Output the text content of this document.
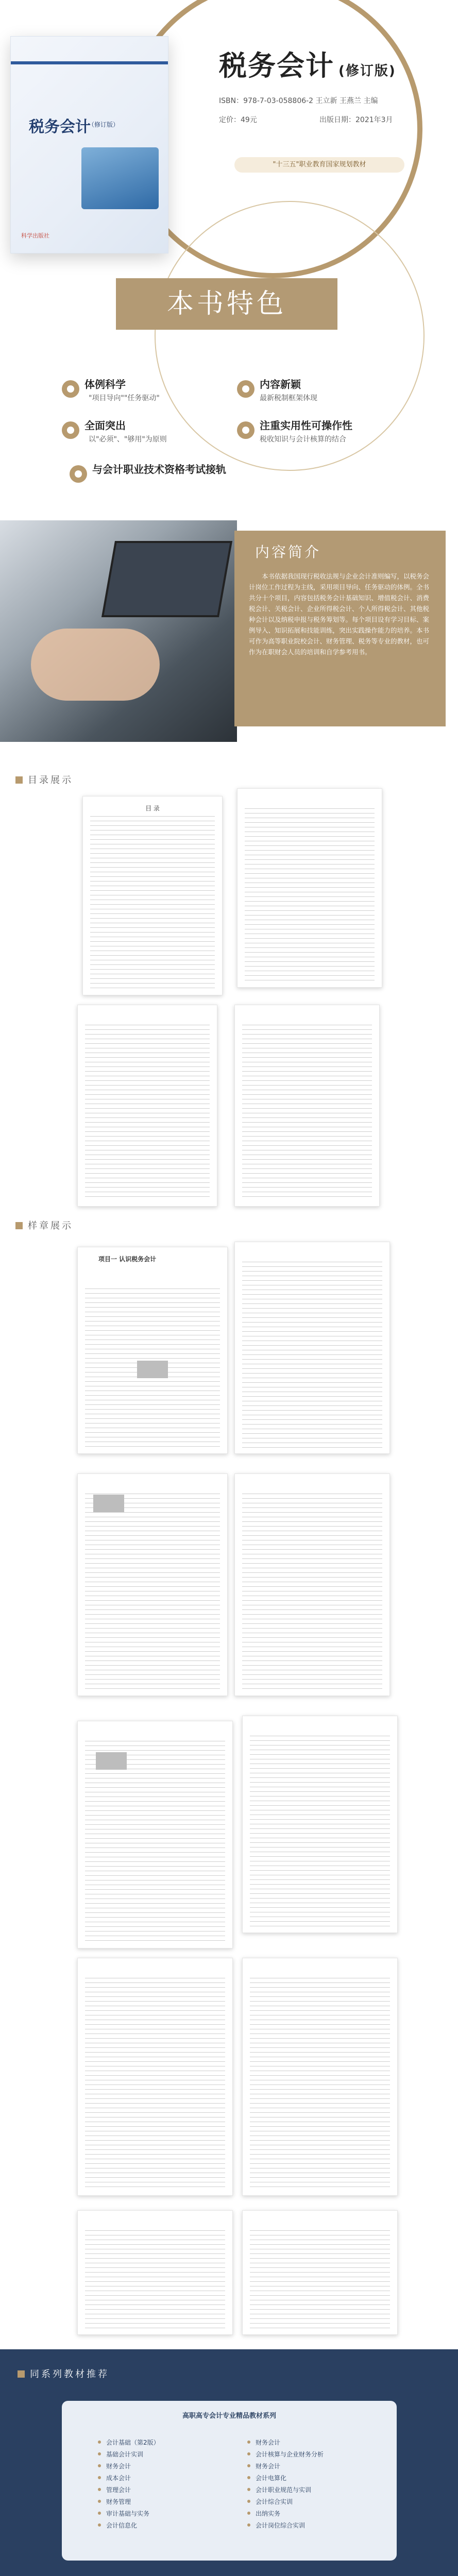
税务会计
（修订版）
科学出版社
税务会计 (修订版)
ISBN：978-7-03-058806-2 王立新 王燕兰 主编
定价：49元	出版日期：2021年3月
"十三五"职业教育国家规划教材
本书特色
体例科学
"项目导向""任务驱动"
全面突出
以"必须"、"够用"为原则
内容新颖
最新税制框架体现
注重实用性可操作性
税收知识与会计核算的结合
与会计职业技术资格考试接轨
内容简介
本书依据我国现行税收法规与企业会计准则编写，以税务会计岗位工作过程为主线，采用项目导向、任务驱动的体例。全书共分十个项目，内容包括税务会计基础知识、增值税会计、消费税会计、关税会计、企业所得税会计、个人所得税会计、其他税种会计以及纳税申报与税务筹划等。每个项目设有学习目标、案例导入、知识拓展和技能训练，突出实践操作能力的培养。本书可作为高等职业院校会计、财务管理、税务等专业的教材，也可作为在职财会人员的培训和自学参考用书。
目录展示
目 录
样章展示
项目一 认识税务会计
同系列教材推荐
高职高专会计专业精品教材系列
会计基础（第2版）
基础会计实训
财务会计
成本会计
管理会计
财务管理
审计基础与实务
会计信息化
财务会计
会计核算与企业财务分析
财务会计
会计电算化
会计职业规范与实训
会计综合实训
出纳实务
会计岗位综合实训
